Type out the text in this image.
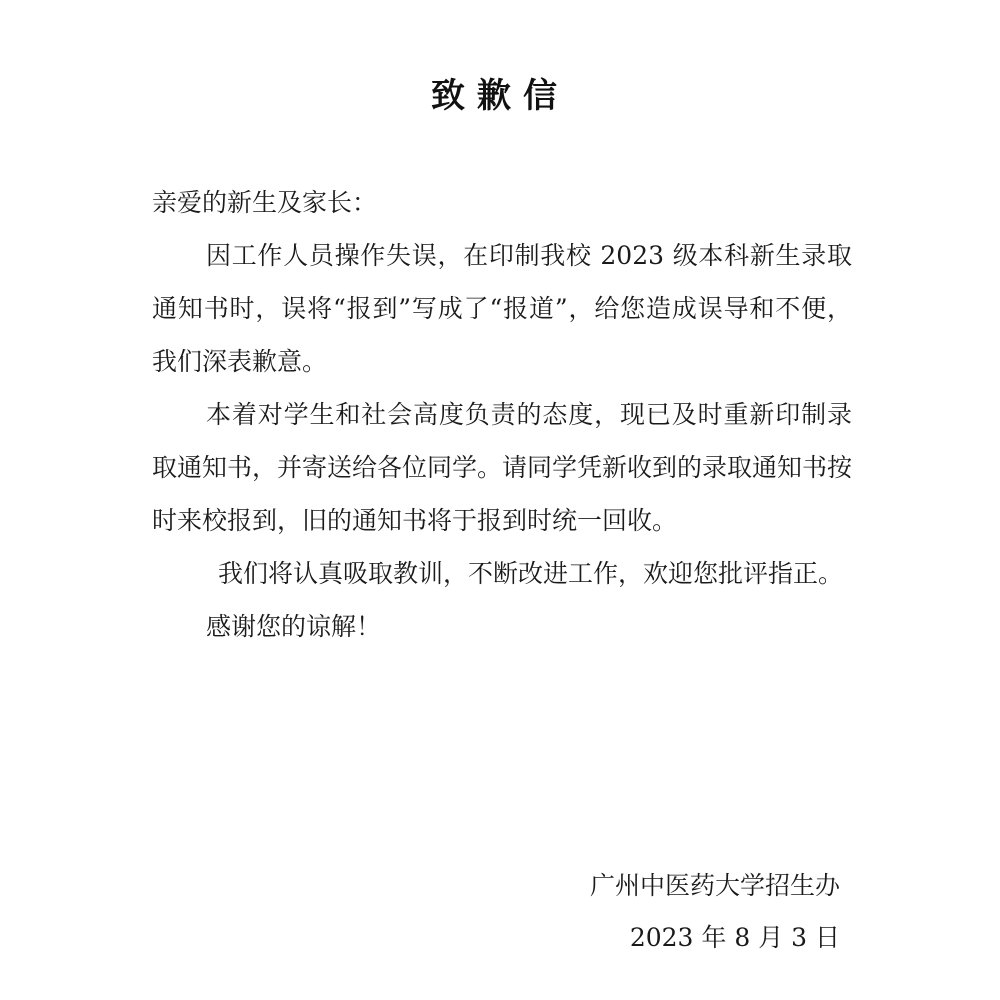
致歉信

亲爱的新生及家长：

因工作人员操作失误，在印制我校 2023 级本科新生录取通知书时，误将“报到”写成了“报道”，给您造成误导和不便，我们深表歉意。

本着对学生和社会高度负责的态度，现已及时重新印制录取通知书，并寄送给各位同学。请同学凭新收到的录取通知书按时来校报到，旧的通知书将于报到时统一回收。

我们将认真吸取教训，不断改进工作，欢迎您批评指正。

感谢您的谅解！

广州中医药大学招生办
2023 年 8 月 3 日
